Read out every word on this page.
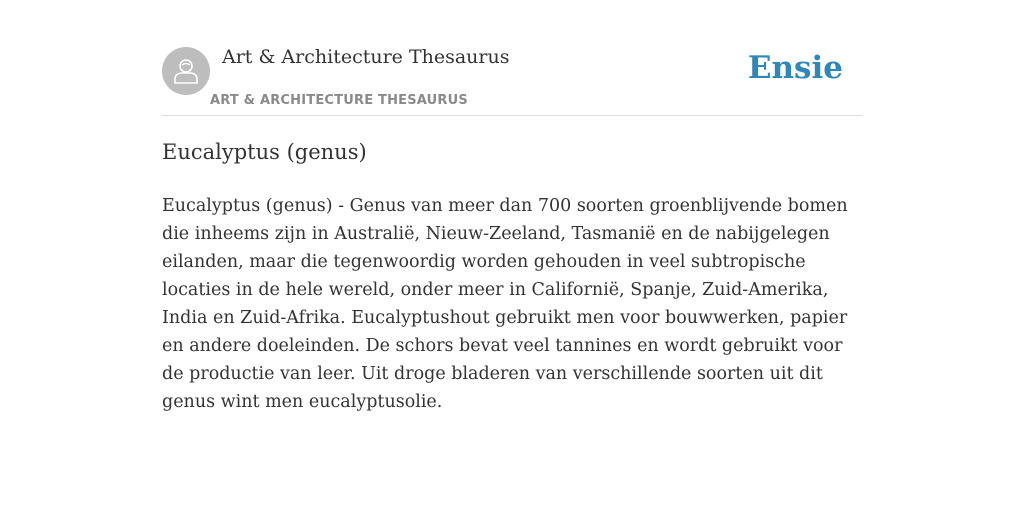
Art & Architecture Thesaurus
ART & ARCHITECTURE THESAURUS
Ensie
Eucalyptus (genus)

Eucalyptus (genus) - Genus van meer dan 700 soorten groenblijvende bomen die inheems zijn in Australië, Nieuw-Zeeland, Tasmanië en de nabijgelegen eilanden, maar die tegenwoordig worden gehouden in veel subtropische locaties in de hele wereld, onder meer in Californië, Spanje, Zuid-Amerika, India en Zuid-Afrika. Eucalyptushout gebruikt men voor bouwwerken, papier en andere doeleinden. De schors bevat veel tannines en wordt gebruikt voor de productie van leer. Uit droge bladeren van verschillende soorten uit dit genus wint men eucalyptusolie.
